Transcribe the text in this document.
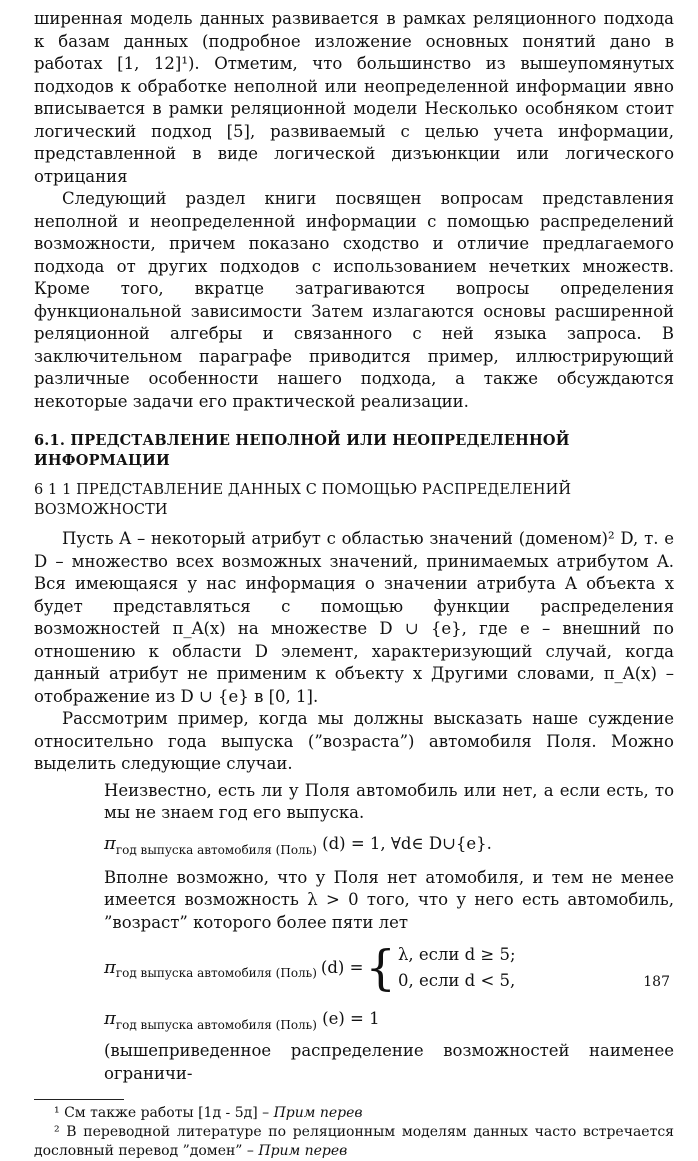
ширенная модель данных развивается в рамках реляционного подхода к базам данных (подробное изложение основных понятий дано в работах [1, 12]¹). Отметим, что большинство из вышеупомянутых подходов к обработке неполной или неопределенной информации явно вписывается в рамки реляционной модели Несколько особняком стоит логический подход [5], развиваемый с целью учета информации, представленной в виде логической дизъюнкции или логического отрицания

Следующий раздел книги посвящен вопросам представления неполной и неопределенной информации с помощью распределений возможности, причем показано сходство и отличие предлагаемого подхода от других подходов с использованием нечетких множеств. Кроме того, вкратце затрагиваются вопросы определения функциональной зависимости Затем излагаются основы расширенной реляционной алгебры и связанного с ней языка запроса. В заключительном параграфе приводится пример, иллюстрирующий различные особенности нашего подхода, а также обсуждаются некоторые задачи его практической реализации.

6.1. ПРЕДСТАВЛЕНИЕ НЕПОЛНОЙ ИЛИ НЕОПРЕДЕЛЕННОЙ ИНФОРМАЦИИ
6 1 1 ПРЕДСТАВЛЕНИЕ ДАННЫХ С ПОМОЩЬЮ РАСПРЕДЕЛЕНИЙ ВОЗМОЖНОСТИ

Пусть A – некоторый атрибут с областью значений (доменом)² D, т. е D – множество всех возможных значений, принимаемых атрибутом A. Вся имеющаяся у нас информация о значении атрибута A объекта x будет представляться с помощью функции распределения возможностей π_A(x) на множестве D ∪ {e}, где e – внешний по отношению к области D элемент, характеризующий случай, когда данный атрибут не применим к объекту x Другими словами, π_A(x) – отображение из D ∪ {e} в [0, 1].

Рассмотрим пример, когда мы должны высказать наше суждение относительно года выпуска (”возраста”) автомобиля Поля. Можно выделить следующие случаи.

Неизвестно, есть ли у Поля автомобиль или нет, а если есть, то мы не знаем год его выпуска.

$\pi_{год выпуска автомобиля (Поль)}$ (d) = 1, ∀d∈ D∪{e}.

Вполне возможно, что у Поля нет атомобиля, и тем не менее имеется возможность λ > 0 того, что у него есть автомобиль, ”возраст” которого более пяти лет

π год выпуска автомобиля (Поль) (d) = { λ, если d ≥ 5;
0, если d < 5,
$\pi_{год выпуска автомобиля (Поль)}$ (e) = 1

(вышеприведенное распределение возможностей наименее ограничи-

¹ См также работы [1д - 5д] – Прим перев

² В переводной литературе по реляционным моделям данных часто встречается дословный перевод ”домен” – Прим перев

187
